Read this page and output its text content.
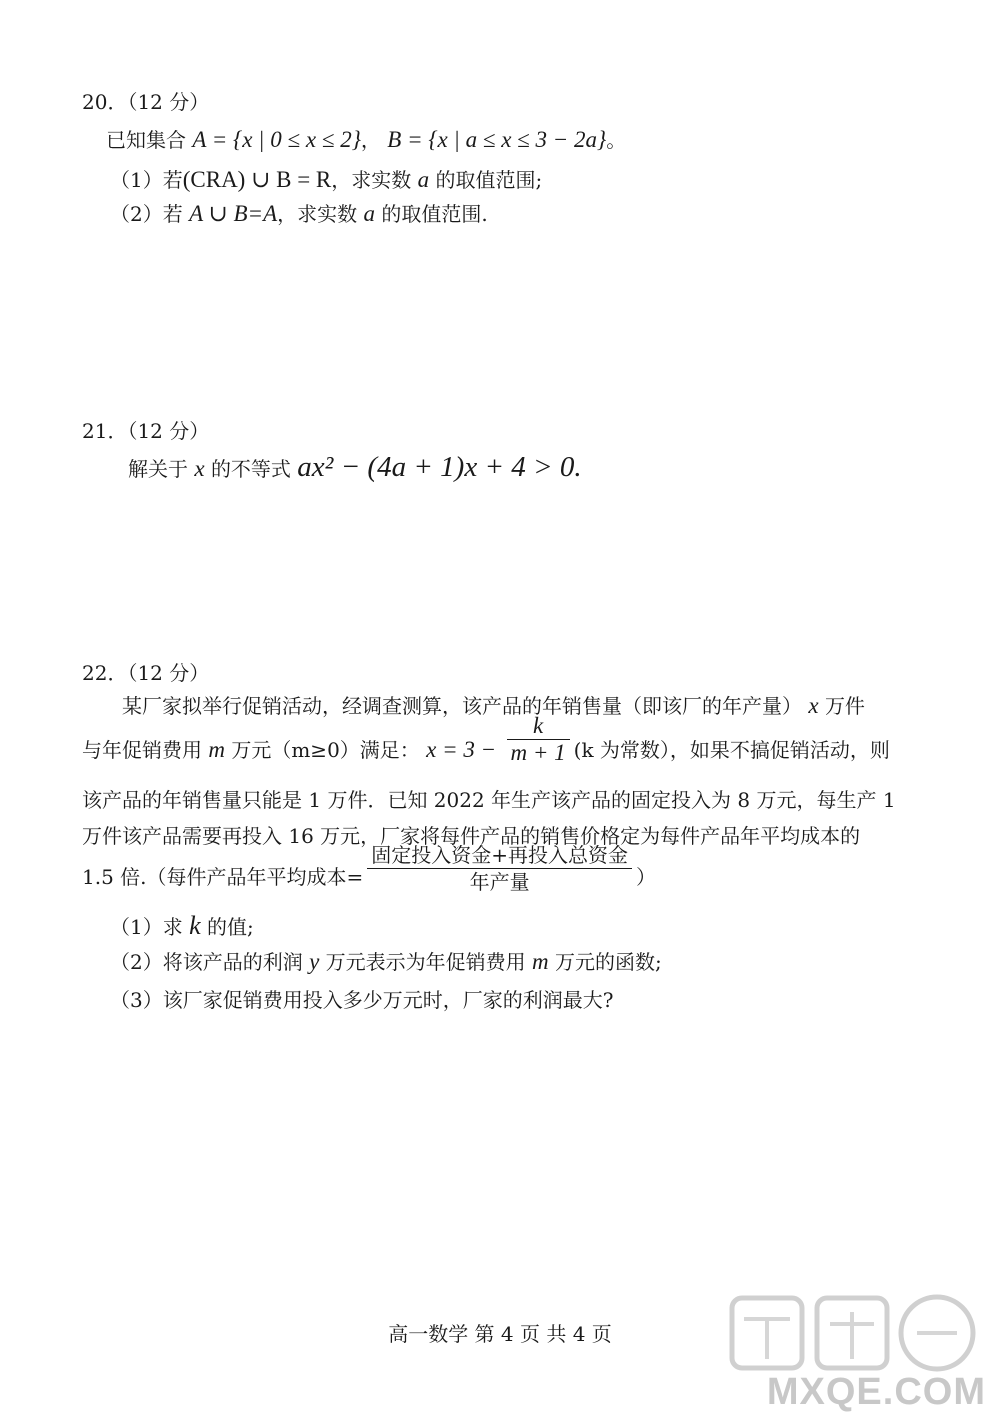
20．（12 分）
已知集合 A = {x | 0 ≤ x ≤ 2}， B = {x | a ≤ x ≤ 3 − 2a}。
（1）若(CRA) ∪ B = R，求实数 a 的取值范围;
（2）若 A ∪ B=A，求实数 a 的取值范围.
21．（12 分）
解关于 x 的不等式 ax² − (4a + 1)x + 4 > 0.
22．（12 分）
某厂家拟举行促销活动，经调查测算，该产品的年销售量（即该厂的年产量） x 万件
与年促销费用 m 万元（m≥0）满足： $x = 3 - \frac{k}{m + 1} (k$ 为常数），如果不搞促销活动，则
该产品的年销售量只能是 1 万件．已知 2022 年生产该产品的固定投入为 8 万元，每生产 1
万件该产品需要再投入 16 万元，厂家将每件产品的销售价格定为每件产品年平均成本的
1.5 倍.（每件产品年平均成本= $\frac{\text{固定投入资金+再投入总资金}}{\text{年产量}}$ ）
（1）求 k 的值;
（2）将该产品的利润 y 万元表示为年促销费用 m 万元的函数;
（3）该厂家促销费用投入多少万元时，厂家的利润最大?
高一数学 第 4 页 共 4 页
MXQE.COM
